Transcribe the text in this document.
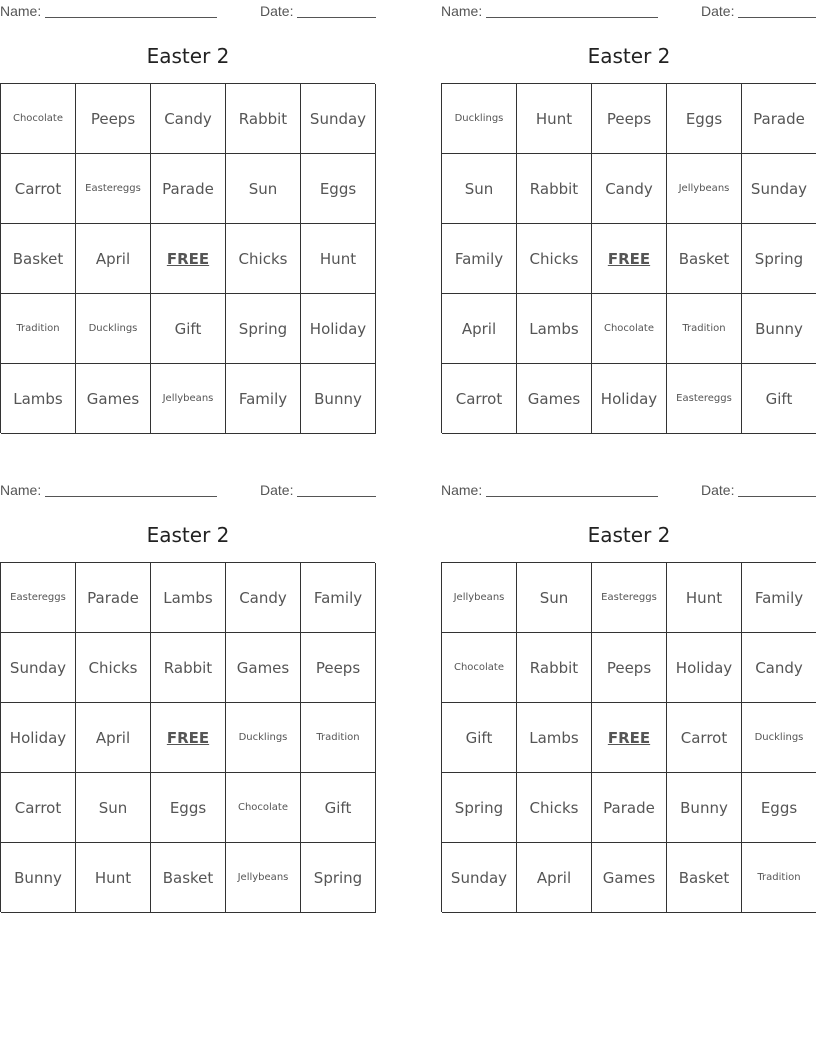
Name:	Date:
Easter 2
Chocolate	Peeps	Candy	Rabbit	Sunday
Carrot	Eastereggs	Parade	Sun	Eggs
Basket	April	FREE	Chicks	Hunt
Tradition	Ducklings	Gift	Spring	Holiday
Lambs	Games	Jellybeans	Family	Bunny
Name:	Date:
Easter 2
Ducklings	Hunt	Peeps	Eggs	Parade
Sun	Rabbit	Candy	Jellybeans	Sunday
Family	Chicks	FREE	Basket	Spring
April	Lambs	Chocolate	Tradition	Bunny
Carrot	Games	Holiday	Eastereggs	Gift
Name:	Date:
Easter 2
Eastereggs	Parade	Lambs	Candy	Family
Sunday	Chicks	Rabbit	Games	Peeps
Holiday	April	FREE	Ducklings	Tradition
Carrot	Sun	Eggs	Chocolate	Gift
Bunny	Hunt	Basket	Jellybeans	Spring
Name:	Date:
Easter 2
Jellybeans	Sun	Eastereggs	Hunt	Family
Chocolate	Rabbit	Peeps	Holiday	Candy
Gift	Lambs	FREE	Carrot	Ducklings
Spring	Chicks	Parade	Bunny	Eggs
Sunday	April	Games	Basket	Tradition
